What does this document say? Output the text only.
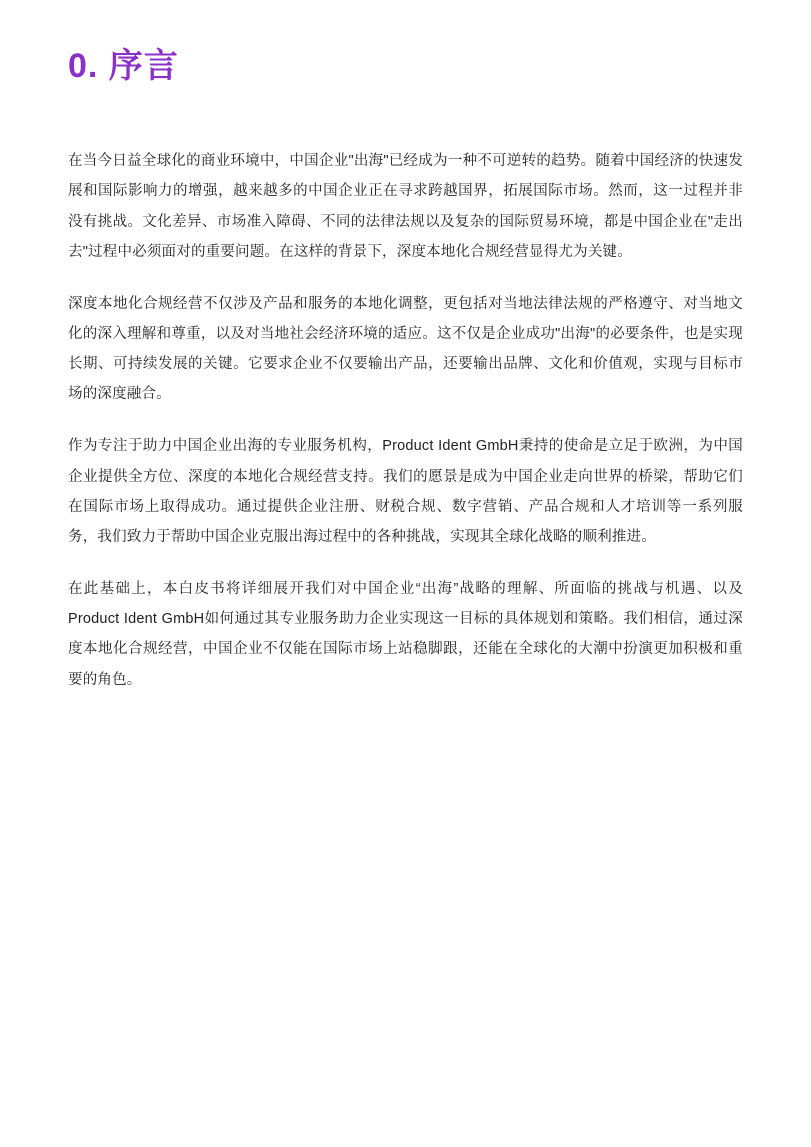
0. 序言

在当今日益全球化的商业环境中，中国企业"出海"已经成为一种不可逆转的趋势。随着中国经济的快速发展和国际影响力的增强，越来越多的中国企业正在寻求跨越国界，拓展国际市场。然而，这一过程并非没有挑战。文化差异、市场准入障碍、不同的法律法规以及复杂的国际贸易环境，都是中国企业在"走出去"过程中必须面对的重要问题。在这样的背景下，深度本地化合规经营显得尤为关键。

深度本地化合规经营不仅涉及产品和服务的本地化调整，更包括对当地法律法规的严格遵守、对当地文化的深入理解和尊重，以及对当地社会经济环境的适应。这不仅是企业成功"出海"的必要条件，也是实现长期、可持续发展的关键。它要求企业不仅要输出产品，还要输出品牌、文化和价值观，实现与目标市场的深度融合。

作为专注于助力中国企业出海的专业服务机构，Product Ident GmbH秉持的使命是立足于欧洲，为中国企业提供全方位、深度的本地化合规经营支持。我们的愿景是成为中国企业走向世界的桥梁，帮助它们在国际市场上取得成功。通过提供企业注册、财税合规、数字营销、产品合规和人才培训等一系列服务，我们致力于帮助中国企业克服出海过程中的各种挑战，实现其全球化战略的顺利推进。

在此基础上，本白皮书将详细展开我们对中国企业“出海”战略的理解、所面临的挑战与机遇、以及Product Ident GmbH如何通过其专业服务助力企业实现这一目标的具体规划和策略。我们相信，通过深度本地化合规经营，中国企业不仅能在国际市场上站稳脚跟，还能在全球化的大潮中扮演更加积极和重要的角色。
